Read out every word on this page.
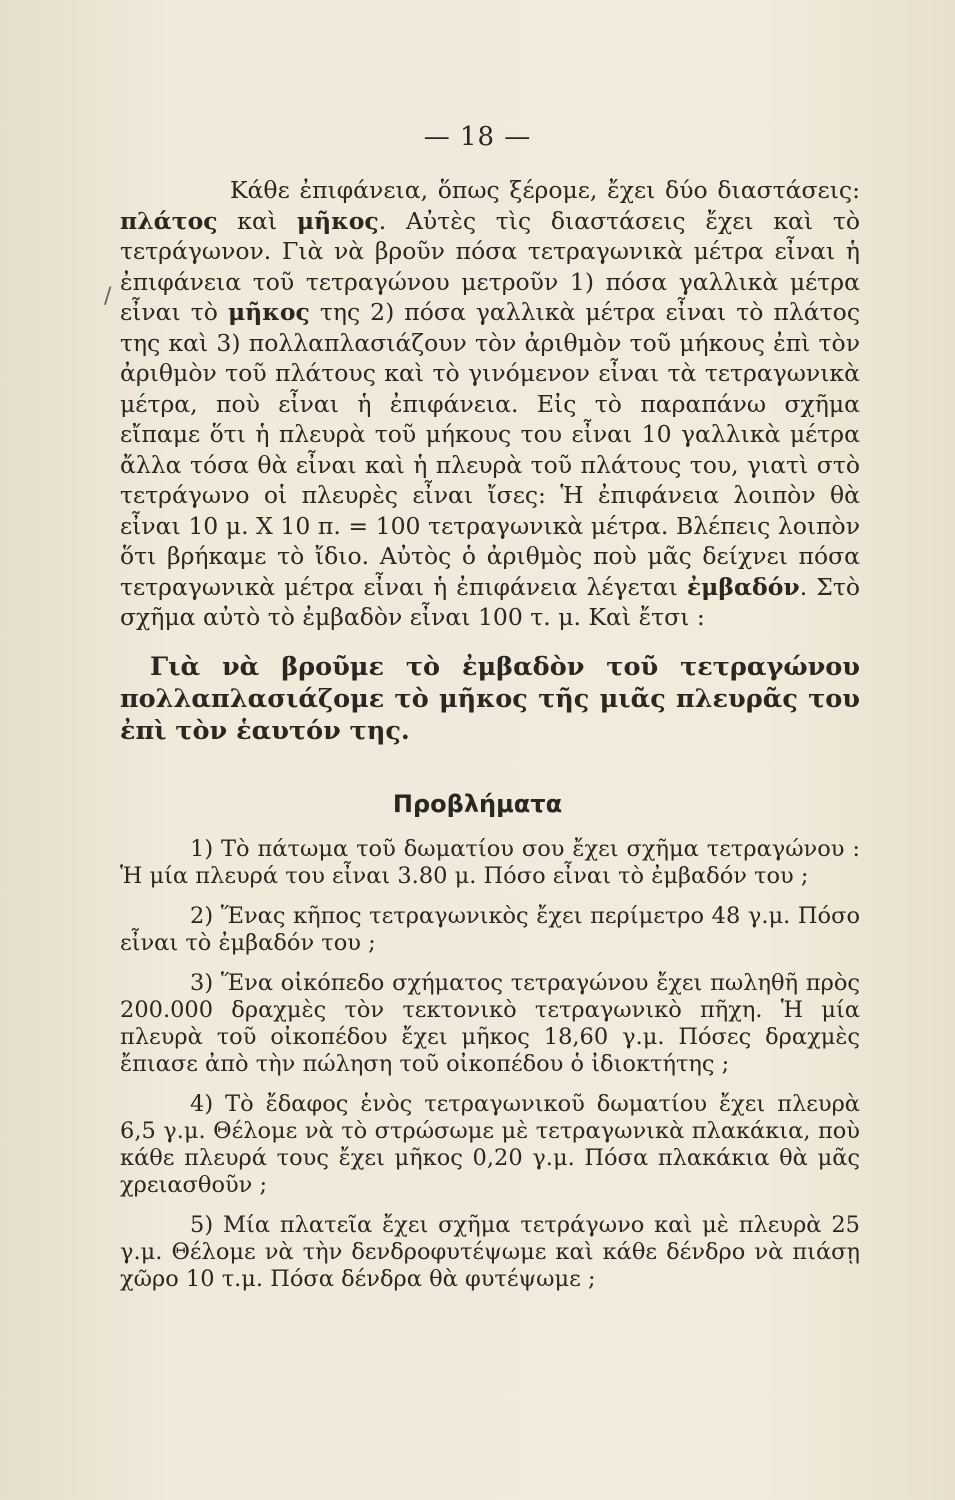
— 18 —
/

Κάθε ἐπιφάνεια, ὅπως ξέρομε, ἔχει δύο διαστάσεις: πλάτος καὶ μῆκος. Αὐτὲς τὶς διαστάσεις ἔχει καὶ τὸ τετράγωνον. Γιὰ νὰ βροῦν πόσα τετραγωνικὰ μέτρα εἶναι ἡ ἐπιφάνεια τοῦ τετραγώνου μετροῦν 1) πόσα γαλλικὰ μέτρα εἶναι τὸ μῆκος της 2) πόσα γαλλικὰ μέτρα εἶναι τὸ πλάτος της καὶ 3) πολλαπλασιάζουν τὸν ἀριθμὸν τοῦ μήκους ἐπὶ τὸν ἀριθμὸν τοῦ πλάτους καὶ τὸ γινόμενον εἶναι τὰ τετραγωνικὰ μέτρα, ποὺ εἶναι ἡ ἐπιφάνεια. Εἰς τὸ παραπάνω σχῆμα εἴπαμε ὅτι ἡ πλευρὰ τοῦ μήκους του εἶναι 10 γαλλικὰ μέτρα ἄλλα τόσα θὰ εἶναι καὶ ἡ πλευρὰ τοῦ πλάτους του, γιατὶ στὸ τετράγωνο οἱ πλευρὲς εἶναι ἴσες: Ἡ ἐπιφάνεια λοιπὸν θὰ εἶναι 10 μ. X 10 π. = 100 τετραγωνικὰ μέτρα. Βλέπεις λοιπὸν ὅτι βρήκαμε τὸ ἴδιο. Αὐτὸς ὁ ἀριθμὸς ποὺ μᾶς δείχνει πόσα τετραγωνικὰ μέτρα εἶναι ἡ ἐπιφάνεια λέγεται ἐμβαδόν. Στὸ σχῆμα αὐτὸ τὸ ἐμβαδὸν εἶναι 100 τ. μ. Καὶ ἔτσι :

Γιὰ νὰ βροῦμε τὸ ἐμβαδὸν τοῦ τετραγώνου πολλαπλασιάζομε τὸ μῆκος τῆς μιᾶς πλευρᾶς του ἐπὶ τὸν ἑαυτόν της.

Προβλήματα

1) Τὸ πάτωμα τοῦ δωματίου σου ἔχει σχῆμα τετραγώνου : Ἡ μία πλευρά του εἶναι 3.80 μ. Πόσο εἶναι τὸ ἐμβαδόν του ;

2) Ἕνας κῆπος τετραγωνικὸς ἔχει περίμετρο 48 γ.μ. Πόσο εἶναι τὸ ἐμβαδόν του ;

3) Ἕνα οἰκόπεδο σχήματος τετραγώνου ἔχει πωληθῆ πρὸς 200.000 δραχμὲς τὸν τεκτονικὸ τετραγωνικὸ πῆχη. Ἡ μία πλευρὰ τοῦ οἰκοπέδου ἔχει μῆκος 18,60 γ.μ. Πόσες δραχμὲς ἔπιασε ἀπὸ τὴν πώληση τοῦ οἰκοπέδου ὁ ἰδιοκτήτης ;

4) Τὸ ἔδαφος ἑνὸς τετραγωνικοῦ δωματίου ἔχει πλευρὰ 6,5 γ.μ. Θέλομε νὰ τὸ στρώσωμε μὲ τετραγωνικὰ πλακάκια, ποὺ κάθε πλευρά τους ἔχει μῆκος 0,20 γ.μ. Πόσα πλακάκια θὰ μᾶς χρειασθοῦν ;

5) Μία πλατεῖα ἔχει σχῆμα τετράγωνο καὶ μὲ πλευρὰ 25 γ.μ. Θέλομε νὰ τὴν δενδροφυτέψωμε καὶ κάθε δένδρο νὰ πιάσῃ χῶρο 10 τ.μ. Πόσα δένδρα θὰ φυτέψωμε ;
